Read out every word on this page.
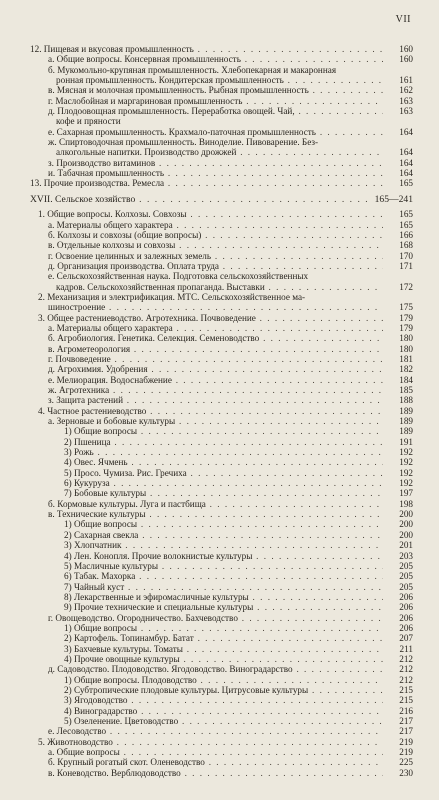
VII
12. Пищевая и вкусовая промышленность . . .	160
а. Общие вопросы. Консервная промышленность . . .	160
б. Мукомольно-крупяная промышленность. Хлебопекарная и макаронная
ронная промышленность. Кондитерская промышленность . . .	161
в. Мясная и молочная промышленность. Рыбная промышленность . . .	162
г. Маслобойная и маргариновая промышленность . . .	163
д. Плодоовощная промышленность. Переработка овощей. Чай, . . .	163
кофе и пряности
е. Сахарная промышленность. Крахмало-паточная промышленность . . .	164
ж. Спиртоводочная промышленность. Виноделие. Пивоварение. Без-
алкогольные напитки. Производство дрожжей . . .	164
з. Производство витаминов . . .	164
и. Табачная промышленность . . .	164
13. Прочие производства. Ремесла . . .	165
XVII. Сельское хозяйство . . .	165—241
1. Общие вопросы. Колхозы. Совхозы . . .	165
а. Материалы общего характера . . .	165
б. Колхозы и совхозы (общие вопросы) . . .	166
в. Отдельные колхозы и совхозы . . .	168
г. Освоение целинных и залежных земель . . .	170
д. Организация производства. Оплата труда . . .	171
е. Сельскохозяйственная наука. Подготовка сельскохозяйственных
кадров. Сельскохозяйственная пропаганда. Выставки . . .	172
2. Механизация и электрификация. МТС. Сельскохозяйственное ма-
шиностроение . . .	175
3. Общее растениеводство. Агротехника. Почвоведение . . .	179
а. Материалы общего характера . . .	179
б. Агробиология. Генетика. Селекция. Семеноводство . . .	180
в. Агрометеорология . . .	180
г. Почвоведение . . .	181
д. Агрохимия. Удобрения . . .	182
е. Мелиорация. Водоснабжение . . .	184
ж. Агротехника . . .	185
з. Защита растений . . .	188
4. Частное растениеводство . . .	189
а. Зерновые и бобовые культуры . . .	189
1) Общие вопросы . . .	189
2) Пшеница . . .	191
3) Рожь . . .	192
4) Овес. Ячмень . . .	192
5) Просо. Чумиза. Рис. Гречиха . . .	192
6) Кукуруза . . .	192
7) Бобовые культуры . . .	197
б. Кормовые культуры. Луга и пастбища . . .	198
в. Технические культуры . . .	200
1) Общие вопросы . . .	200
2) Сахарная свекла . . .	200
3) Хлопчатник . . .	201
4) Лен. Конопля. Прочие волокнистые культуры . . .	203
5) Масличные культуры . . .	205
6) Табак. Махорка . . .	205
7) Чайный куст . . .	205
8) Лекарственные и эфиромасличные культуры . . .	206
9) Прочие технические и специальные культуры . . .	206
г. Овощеводство. Огородничество. Бахчеводство . . .	206
1) Общие вопросы . . .	206
2) Картофель. Топинамбур. Батат . . .	207
3) Бахчевые культуры. Томаты . . .	211
4) Прочие овощные культуры . . .	212
д. Садоводство. Плодоводство. Ягодоводство. Виноградарство . . .	212
1) Общие вопросы. Плодоводство . . .	212
2) Субтропические плодовые культуры. Цитрусовые культуры . . .	215
3) Ягодоводство . . .	215
4) Виноградарство . . .	216
5) Озеленение. Цветоводство . . .	217
е. Лесоводство . . .	217
5. Животноводство . . .	219
а. Общие вопросы . . .	219
б. Крупный рогатый скот. Оленеводство . . .	225
в. Коневодство. Верблюдоводство . . .	230
